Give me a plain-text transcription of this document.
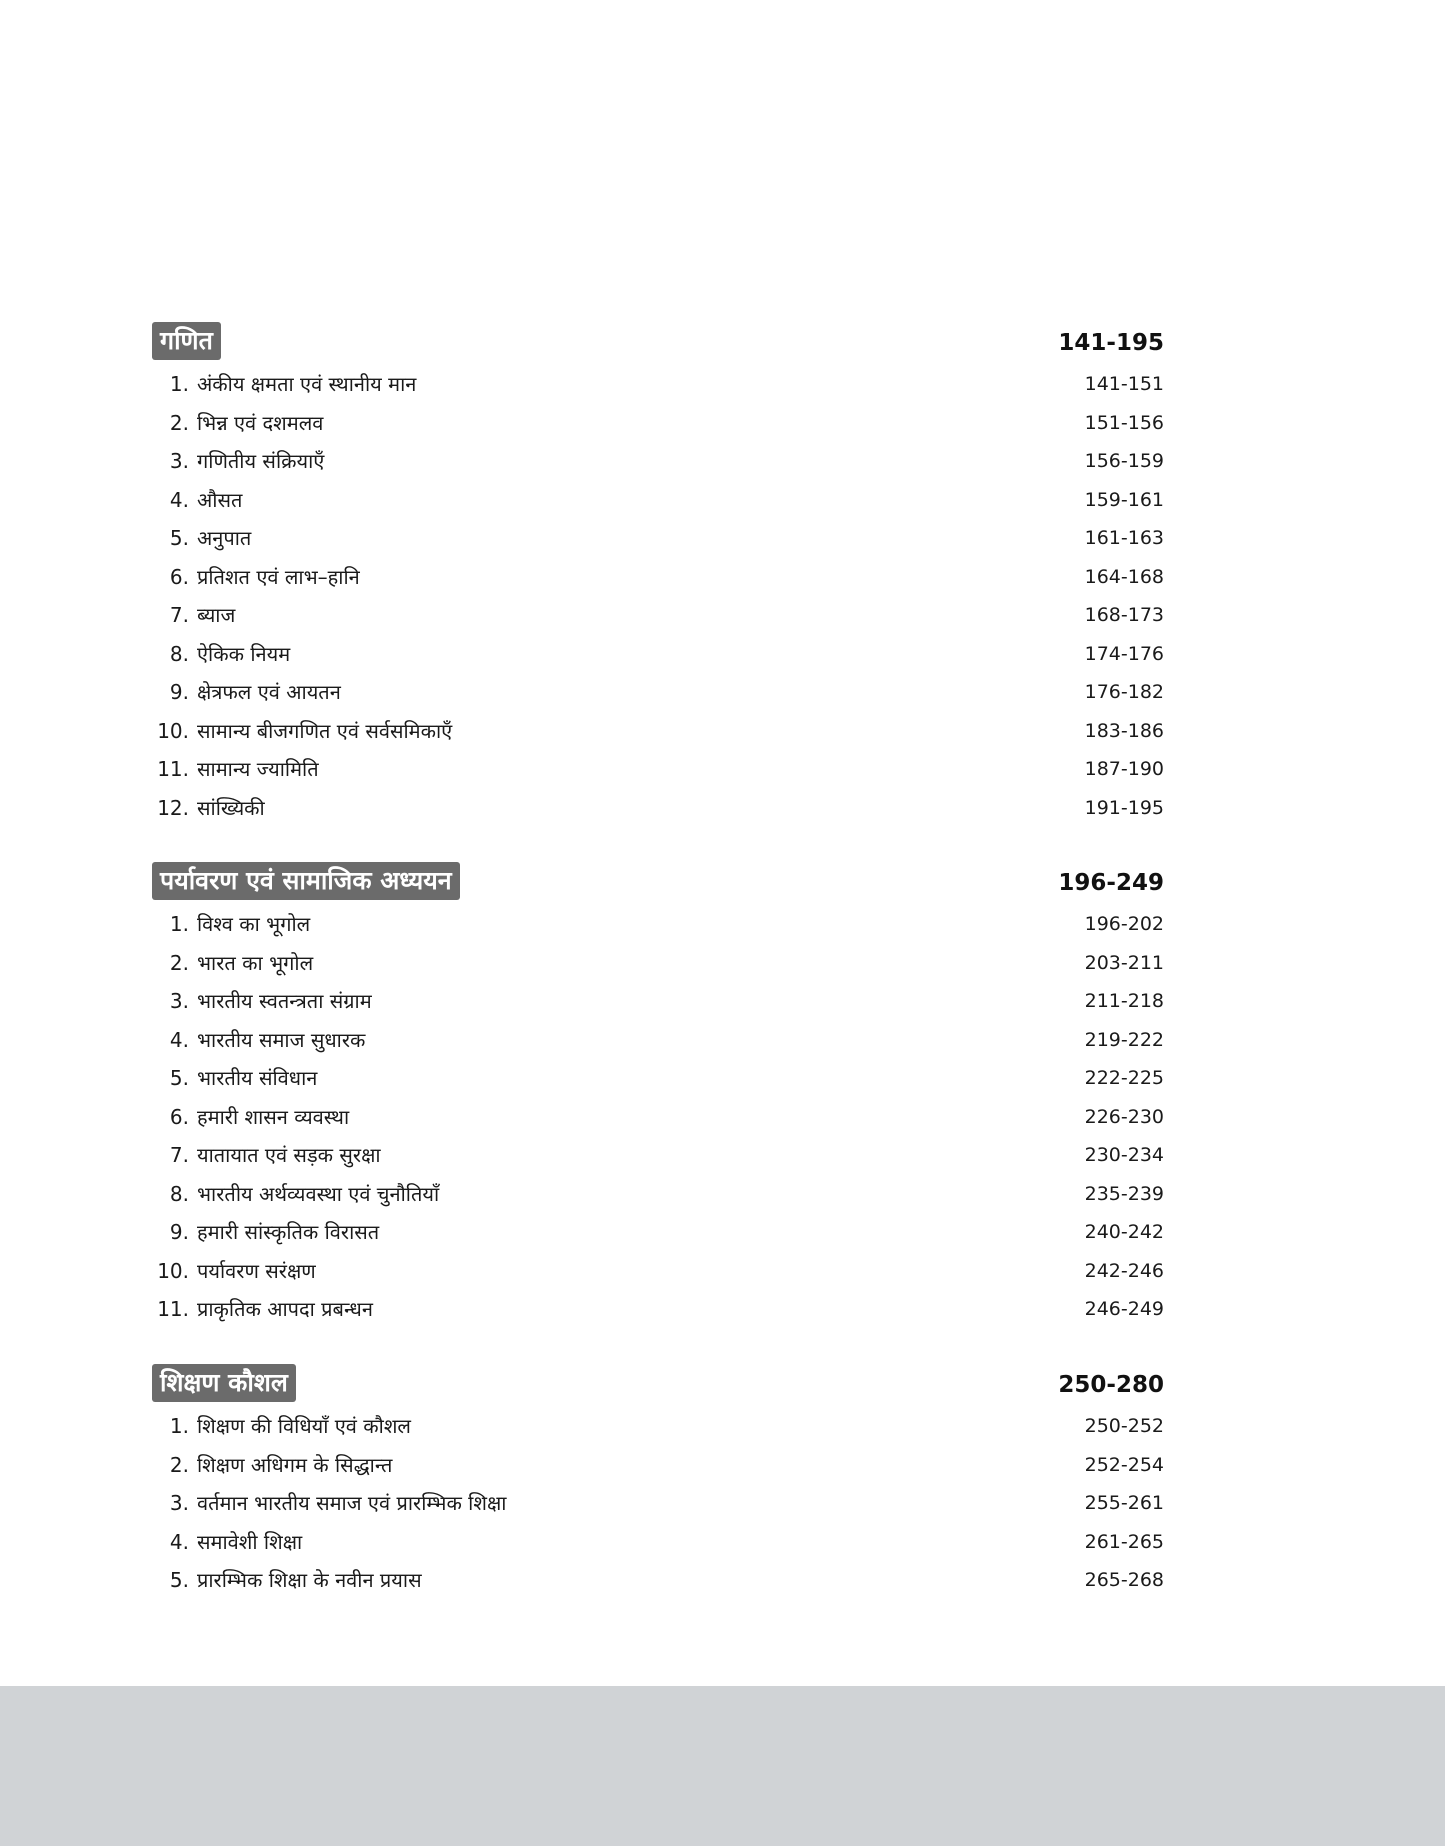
गणित	141-195
1. अंकीय क्षमता एवं स्थानीय मान	141-151
2. भिन्न एवं दशमलव	151-156
3. गणितीय संक्रियाएँ	156-159
4. औसत	159-161
5. अनुपात	161-163
6. प्रतिशत एवं लाभ–हानि	164-168
7. ब्याज	168-173
8. ऐकिक नियम	174-176
9. क्षेत्रफल एवं आयतन	176-182
10. सामान्य बीजगणित एवं सर्वसमिकाएँ	183-186
11. सामान्य ज्यामिति	187-190
12. सांख्यिकी	191-195
पर्यावरण एवं सामाजिक अध्ययन	196-249
1. विश्व का भूगोल	196-202
2. भारत का भूगोल	203-211
3. भारतीय स्वतन्त्रता संग्राम	211-218
4. भारतीय समाज सुधारक	219-222
5. भारतीय संविधान	222-225
6. हमारी शासन व्यवस्था	226-230
7. यातायात एवं सड़क सुरक्षा	230-234
8. भारतीय अर्थव्यवस्था एवं चुनौतियाँ	235-239
9. हमारी सांस्कृतिक विरासत	240-242
10. पर्यावरण सरंक्षण	242-246
11. प्राकृतिक आपदा प्रबन्धन	246-249
शिक्षण कौशल	250-280
1. शिक्षण की विधियाँ एवं कौशल	250-252
2. शिक्षण अधिगम के सिद्धान्त	252-254
3. वर्तमान भारतीय समाज एवं प्रारम्भिक शिक्षा	255-261
4. समावेशी शिक्षा	261-265
5. प्रारम्भिक शिक्षा के नवीन प्रयास	265-268
